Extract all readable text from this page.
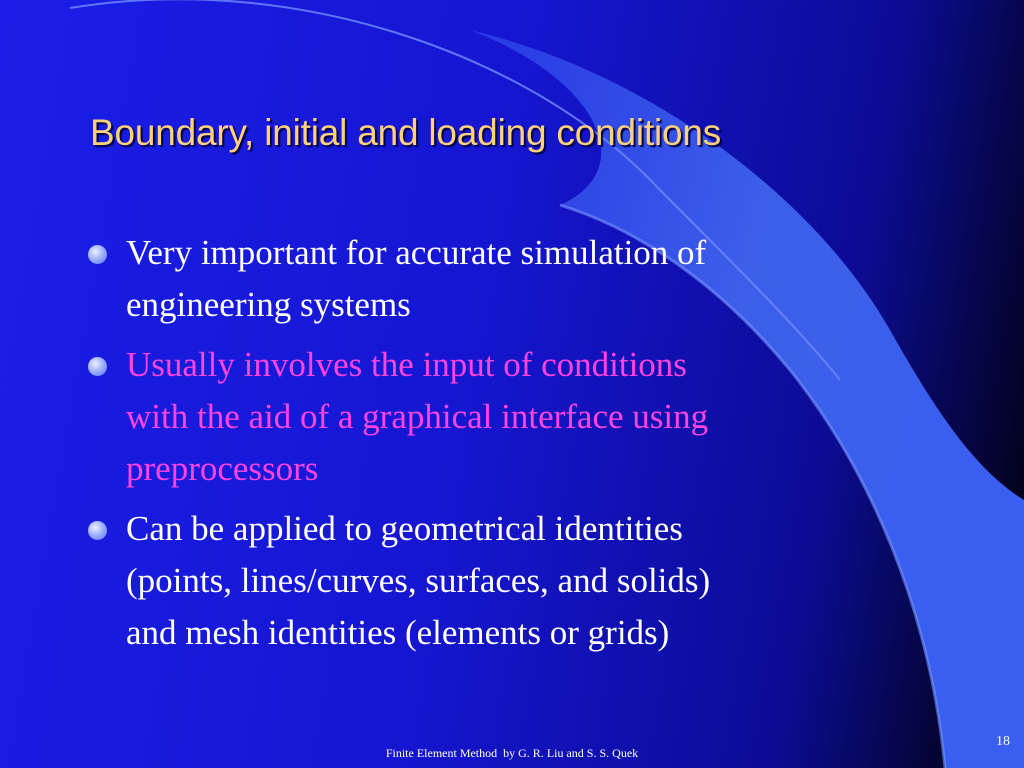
Boundary, initial and loading conditions
Very important for accurate simulation of
engineering systems
Usually involves the input of conditions
with the aid of a graphical interface using
preprocessors
Can be applied to geometrical identities
(points, lines/curves, surfaces, and solids)
and mesh identities (elements or grids)
Finite Element Method  by G. R. Liu and S. S. Quek
18
